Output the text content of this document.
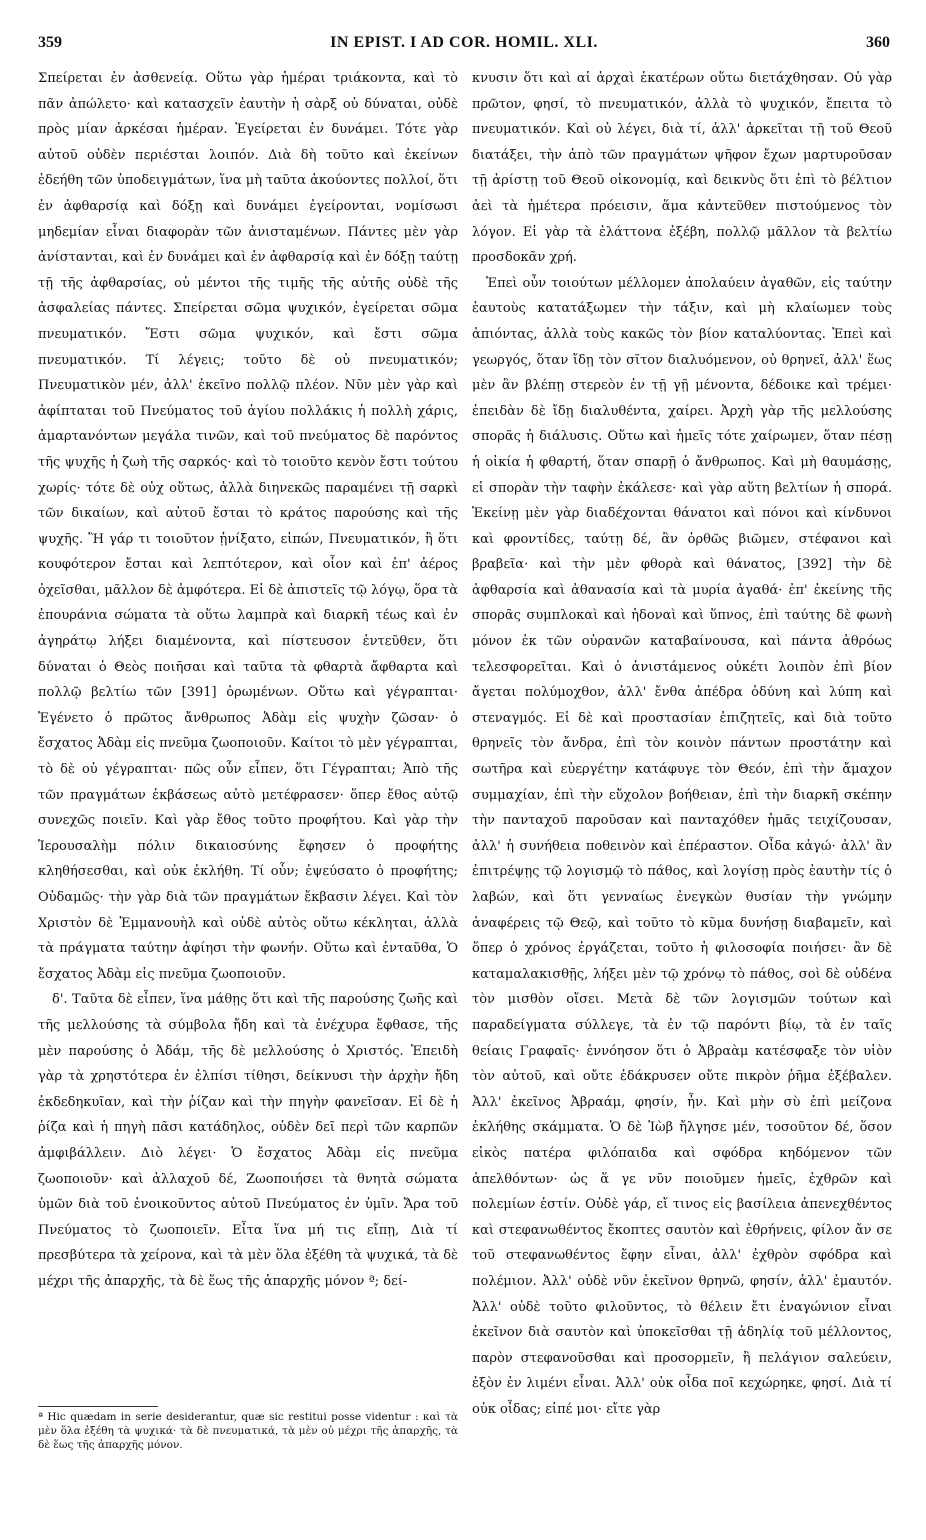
359	IN EPIST. I AD COR. HOMIL. XLI.	360

Σπείρεται ἐν ἀσθενείᾳ. Οὕτω γὰρ ἡμέραι τριάκοντα, καὶ τὸ πᾶν ἀπώλετο· καὶ κατασχεῖν ἑαυτὴν ἡ σὰρξ οὐ δύναται, οὐδὲ πρὸς μίαν ἀρκέσαι ἡμέραν. Ἐγείρεται ἐν δυνάμει. Τότε γὰρ αὐτοῦ οὐδὲν περιέσται λοιπόν. Διὰ δὴ τοῦτο καὶ ἐκείνων ἐδεήθη τῶν ὑποδειγμάτων, ἵνα μὴ ταῦτα ἀκούοντες πολλοί, ὅτι ἐν ἀφθαρσίᾳ καὶ δόξῃ καὶ δυνάμει ἐγείρονται, νομίσωσι μηδεμίαν εἶναι διαφορὰν τῶν ἀνισταμένων. Πάντες μὲν γὰρ ἀνίστανται, καὶ ἐν δυνάμει καὶ ἐν ἀφθαρσίᾳ καὶ ἐν δόξῃ ταύτῃ τῇ τῆς ἀφθαρσίας, οὐ μέντοι τῆς τιμῆς τῆς αὐτῆς οὐδὲ τῆς ἀσφαλείας πάντες. Σπείρεται σῶμα ψυχικόν, ἐγείρεται σῶμα πνευματικόν. Ἔστι σῶμα ψυχικόν, καὶ ἔστι σῶμα πνευματικόν. Τί λέγεις; τοῦτο δὲ οὐ πνευματικόν; Πνευματικὸν μέν, ἀλλ' ἐκεῖνο πολλῷ πλέον. Νῦν μὲν γὰρ καὶ ἀφίπταται τοῦ Πνεύματος τοῦ ἁγίου πολλάκις ἡ πολλὴ χάρις, ἁμαρτανόντων μεγάλα τινῶν, καὶ τοῦ πνεύματος δὲ παρόντος τῆς ψυχῆς ἡ ζωὴ τῆς σαρκός· καὶ τὸ τοιοῦτο κενὸν ἔστι τούτου χωρίς· τότε δὲ οὐχ οὕτως, ἀλλὰ διηνεκῶς παραμένει τῇ σαρκὶ τῶν δικαίων, καὶ αὐτοῦ ἔσται τὸ κράτος παρούσης καὶ τῆς ψυχῆς. Ἢ γάρ τι τοιοῦτον ᾐνίξατο, εἰπών, Πνευματικόν, ἢ ὅτι κουφότερον ἔσται καὶ λεπτότερον, καὶ οἷον καὶ ἐπ' ἀέρος ὀχεῖσθαι, μᾶλλον δὲ ἀμφότερα. Εἰ δὲ ἀπιστεῖς τῷ λόγῳ, ὅρα τὰ ἐπουράνια σώματα τὰ οὕτω λαμπρὰ καὶ διαρκῆ τέως καὶ ἐν ἀγηράτῳ λήξει διαμένοντα, καὶ πίστευσον ἐντεῦθεν, ὅτι δύναται ὁ Θεὸς ποιῆσαι καὶ ταῦτα τὰ φθαρτὰ ἄφθαρτα καὶ πολλῷ βελτίω τῶν [391] ὁρωμένων. Οὕτω καὶ γέγραπται· Ἐγένετο ὁ πρῶτος ἄνθρωπος Ἀδὰμ εἰς ψυχὴν ζῶσαν· ὁ ἔσχατος Ἀδὰμ εἰς πνεῦμα ζωοποιοῦν. Καίτοι τὸ μὲν γέγραπται, τὸ δὲ οὐ γέγραπται· πῶς οὖν εἶπεν, ὅτι Γέγραπται; Ἀπὸ τῆς τῶν πραγμάτων ἐκβάσεως αὐτὸ μετέφρασεν· ὅπερ ἔθος αὐτῷ συνεχῶς ποιεῖν. Καὶ γὰρ ἔθος τοῦτο προφήτου. Καὶ γὰρ τὴν Ἱερουσαλὴμ πόλιν δικαιοσύνης ἔφησεν ὁ προφήτης κληθήσεσθαι, καὶ οὐκ ἐκλήθη. Τί οὖν; ἐψεύσατο ὁ προφήτης; Οὐδαμῶς· τὴν γὰρ διὰ τῶν πραγμάτων ἔκβασιν λέγει. Καὶ τὸν Χριστὸν δὲ Ἐμμανουὴλ καὶ οὐδὲ αὐτὸς οὕτω κέκληται, ἀλλὰ τὰ πράγματα ταύτην ἀφίησι τὴν φωνήν. Οὕτω καὶ ἐνταῦθα, Ὁ ἔσχατος Ἀδὰμ εἰς πνεῦμα ζωοποιοῦν.

δ'. Ταῦτα δὲ εἶπεν, ἵνα μάθῃς ὅτι καὶ τῆς παρούσης ζωῆς καὶ τῆς μελλούσης τὰ σύμβολα ἤδη καὶ τὰ ἐνέχυρα ἔφθασε, τῆς μὲν παρούσης ὁ Ἀδάμ, τῆς δὲ μελλούσης ὁ Χριστός. Ἐπειδὴ γὰρ τὰ χρηστότερα ἐν ἐλπίσι τίθησι, δείκνυσι τὴν ἀρχὴν ἤδη ἐκδεδηκυῖαν, καὶ τὴν ῥίζαν καὶ τὴν πηγὴν φανεῖσαν. Εἰ δὲ ἡ ῥίζα καὶ ἡ πηγὴ πᾶσι κατάδηλος, οὐδὲν δεῖ περὶ τῶν καρπῶν ἀμφιβάλλειν. Διὸ λέγει· Ὁ ἔσχατος Ἀδὰμ εἰς πνεῦμα ζωοποιοῦν· καὶ ἀλλαχοῦ δέ, Ζωοποιήσει τὰ θνητὰ σώματα ὑμῶν διὰ τοῦ ἐνοικοῦντος αὐτοῦ Πνεύματος ἐν ὑμῖν. Ἄρα τοῦ Πνεύματος τὸ ζωοποιεῖν. Εἶτα ἵνα μή τις εἴπῃ, Διὰ τί πρεσβύτερα τὰ χείρονα, καὶ τὰ μὲν ὅλα ἐξέθη τὰ ψυχικά, τὰ δὲ μέχρι τῆς ἀπαρχῆς, τὰ δὲ ἕως τῆς ἀπαρχῆς μόνον ª; δεί-

ª Hic quædam in serie desiderantur, quæ sic restitui posse videntur : καὶ τὰ μὲν ὅλα ἐξέθη τὰ ψυχικά· τὰ δὲ πνευματικά, τὰ μὲν οὐ μέχρι τῆς ἀπαρχῆς, τὰ δὲ ἕως τῆς ἀπαρχῆς μόνον.

κνυσιν ὅτι καὶ αἱ ἀρχαὶ ἑκατέρων οὕτω διετάχθησαν. Οὐ γὰρ πρῶτον, φησί, τὸ πνευματικόν, ἀλλὰ τὸ ψυχικόν, ἔπειτα τὸ πνευματικόν. Καὶ οὐ λέγει, διὰ τί, ἀλλ' ἀρκεῖται τῇ τοῦ Θεοῦ διατάξει, τὴν ἀπὸ τῶν πραγμάτων ψῆφον ἔχων μαρτυροῦσαν τῇ ἀρίστῃ τοῦ Θεοῦ οἰκονομίᾳ, καὶ δεικνὺς ὅτι ἐπὶ τὸ βέλτιον ἀεὶ τὰ ἡμέτερα πρόεισιν, ἅμα κἀντεῦθεν πιστούμενος τὸν λόγον. Εἰ γὰρ τὰ ἐλάττονα ἐξέβη, πολλῷ μᾶλλον τὰ βελτίω προσδοκᾶν χρή.

Ἐπεὶ οὖν τοιούτων μέλλομεν ἀπολαύειν ἀγαθῶν, εἰς ταύτην ἑαυτοὺς κατατάξωμεν τὴν τάξιν, καὶ μὴ κλαίωμεν τοὺς ἀπιόντας, ἀλλὰ τοὺς κακῶς τὸν βίον καταλύοντας. Ἐπεὶ καὶ γεωργός, ὅταν ἴδῃ τὸν σῖτον διαλυόμενον, οὐ θρηνεῖ, ἀλλ' ἕως μὲν ἂν βλέπῃ στερεὸν ἐν τῇ γῇ μένοντα, δέδοικε καὶ τρέμει· ἐπειδὰν δὲ ἴδῃ διαλυθέντα, χαίρει. Ἀρχὴ γὰρ τῆς μελλούσης σπορᾶς ἡ διάλυσις. Οὕτω καὶ ἡμεῖς τότε χαίρωμεν, ὅταν πέσῃ ἡ οἰκία ἡ φθαρτή, ὅταν σπαρῇ ὁ ἄνθρωπος. Καὶ μὴ θαυμάσῃς, εἰ σπορὰν τὴν ταφὴν ἐκάλεσε· καὶ γὰρ αὕτη βελτίων ἡ σπορά. Ἐκείνῃ μὲν γὰρ διαδέχονται θάνατοι καὶ πόνοι καὶ κίνδυνοι καὶ φροντίδες, ταύτῃ δέ, ἂν ὀρθῶς βιῶμεν, στέφανοι καὶ βραβεῖα· καὶ τὴν μὲν φθορὰ καὶ θάνατος, [392] τὴν δὲ ἀφθαρσία καὶ ἀθανασία καὶ τὰ μυρία ἀγαθά· ἐπ' ἐκείνης τῆς σπορᾶς συμπλοκαὶ καὶ ἡδοναὶ καὶ ὕπνος, ἐπὶ ταύτης δὲ φωνὴ μόνον ἐκ τῶν οὐρανῶν καταβαίνουσα, καὶ πάντα ἀθρόως τελεσφορεῖται. Καὶ ὁ ἀνιστάμενος οὐκέτι λοιπὸν ἐπὶ βίον ἄγεται πολύμοχθον, ἀλλ' ἔνθα ἀπέδρα ὀδύνη καὶ λύπη καὶ στεναγμός. Εἰ δὲ καὶ προστασίαν ἐπιζητεῖς, καὶ διὰ τοῦτο θρηνεῖς τὸν ἄνδρα, ἐπὶ τὸν κοινὸν πάντων προστάτην καὶ σωτῆρα καὶ εὐεργέτην κατάφυγε τὸν Θεόν, ἐπὶ τὴν ἄμαχον συμμαχίαν, ἐπὶ τὴν εὔχολον βοήθειαν, ἐπὶ τὴν διαρκῆ σκέπην τὴν πανταχοῦ παροῦσαν καὶ πανταχόθεν ἡμᾶς τειχίζουσαν, ἀλλ' ἡ συνήθεια ποθεινὸν καὶ ἐπέραστον. Οἶδα κἀγώ· ἀλλ' ἂν ἐπιτρέψῃς τῷ λογισμῷ τὸ πάθος, καὶ λογίσῃ πρὸς ἑαυτὴν τίς ὁ λαβών, καὶ ὅτι γενναίως ἐνεγκὼν θυσίαν τὴν γνώμην ἀναφέρεις τῷ Θεῷ, καὶ τοῦτο τὸ κῦμα δυνήσῃ διαβαμεῖν, καὶ ὅπερ ὁ χρόνος ἐργάζεται, τοῦτο ἡ φιλοσοφία ποιήσει· ἂν δὲ καταμαλακισθῇς, λήξει μὲν τῷ χρόνῳ τὸ πάθος, σοὶ δὲ οὐδένα τὸν μισθὸν οἴσει. Μετὰ δὲ τῶν λογισμῶν τούτων καὶ παραδείγματα σύλλεγε, τὰ ἐν τῷ παρόντι βίῳ, τὰ ἐν ταῖς θείαις Γραφαῖς· ἐννόησον ὅτι ὁ Ἀβραὰμ κατέσφαξε τὸν υἱὸν τὸν αὐτοῦ, καὶ οὔτε ἐδάκρυσεν οὔτε πικρὸν ῥῆμα ἐξέβαλεν. Ἀλλ' ἐκεῖνος Ἀβραάμ, φησίν, ἦν. Καὶ μὴν σὺ ἐπὶ μείζονα ἐκλήθης σκάμματα. Ὁ δὲ Ἰὼβ ἤλγησε μέν, τοσοῦτον δέ, ὅσον εἰκὸς πατέρα φιλόπαιδα καὶ σφόδρα κηδόμενον τῶν ἀπελθόντων· ὡς ἅ γε νῦν ποιοῦμεν ἡμεῖς, ἐχθρῶν καὶ πολεμίων ἐστίν. Οὐδὲ γάρ, εἴ τινος εἰς βασίλεια ἀπενεχθέντος καὶ στεφανωθέντος ἔκοπτες σαυτὸν καὶ ἐθρήνεις, φίλον ἄν σε τοῦ στεφανωθέντος ἔφην εἶναι, ἀλλ' ἐχθρὸν σφόδρα καὶ πολέμιον. Ἀλλ' οὐδὲ νῦν ἐκεῖνον θρηνῶ, φησίν, ἀλλ' ἐμαυτόν. Ἀλλ' οὐδὲ τοῦτο φιλοῦντος, τὸ θέλειν ἔτι ἐναγώνιον εἶναι ἐκεῖνον διὰ σαυτὸν καὶ ὑποκεῖσθαι τῇ ἀδηλίᾳ τοῦ μέλλοντος, παρὸν στεφανοῦσθαι καὶ προσορμεῖν, ἢ πελάγιον σαλεύειν, ἐξὸν ἐν λιμένι εἶναι. Ἀλλ' οὐκ οἶδα ποῖ κεχώρηκε, φησί. Διὰ τί οὐκ οἶδας; εἰπέ μοι· εἴτε γὰρ
